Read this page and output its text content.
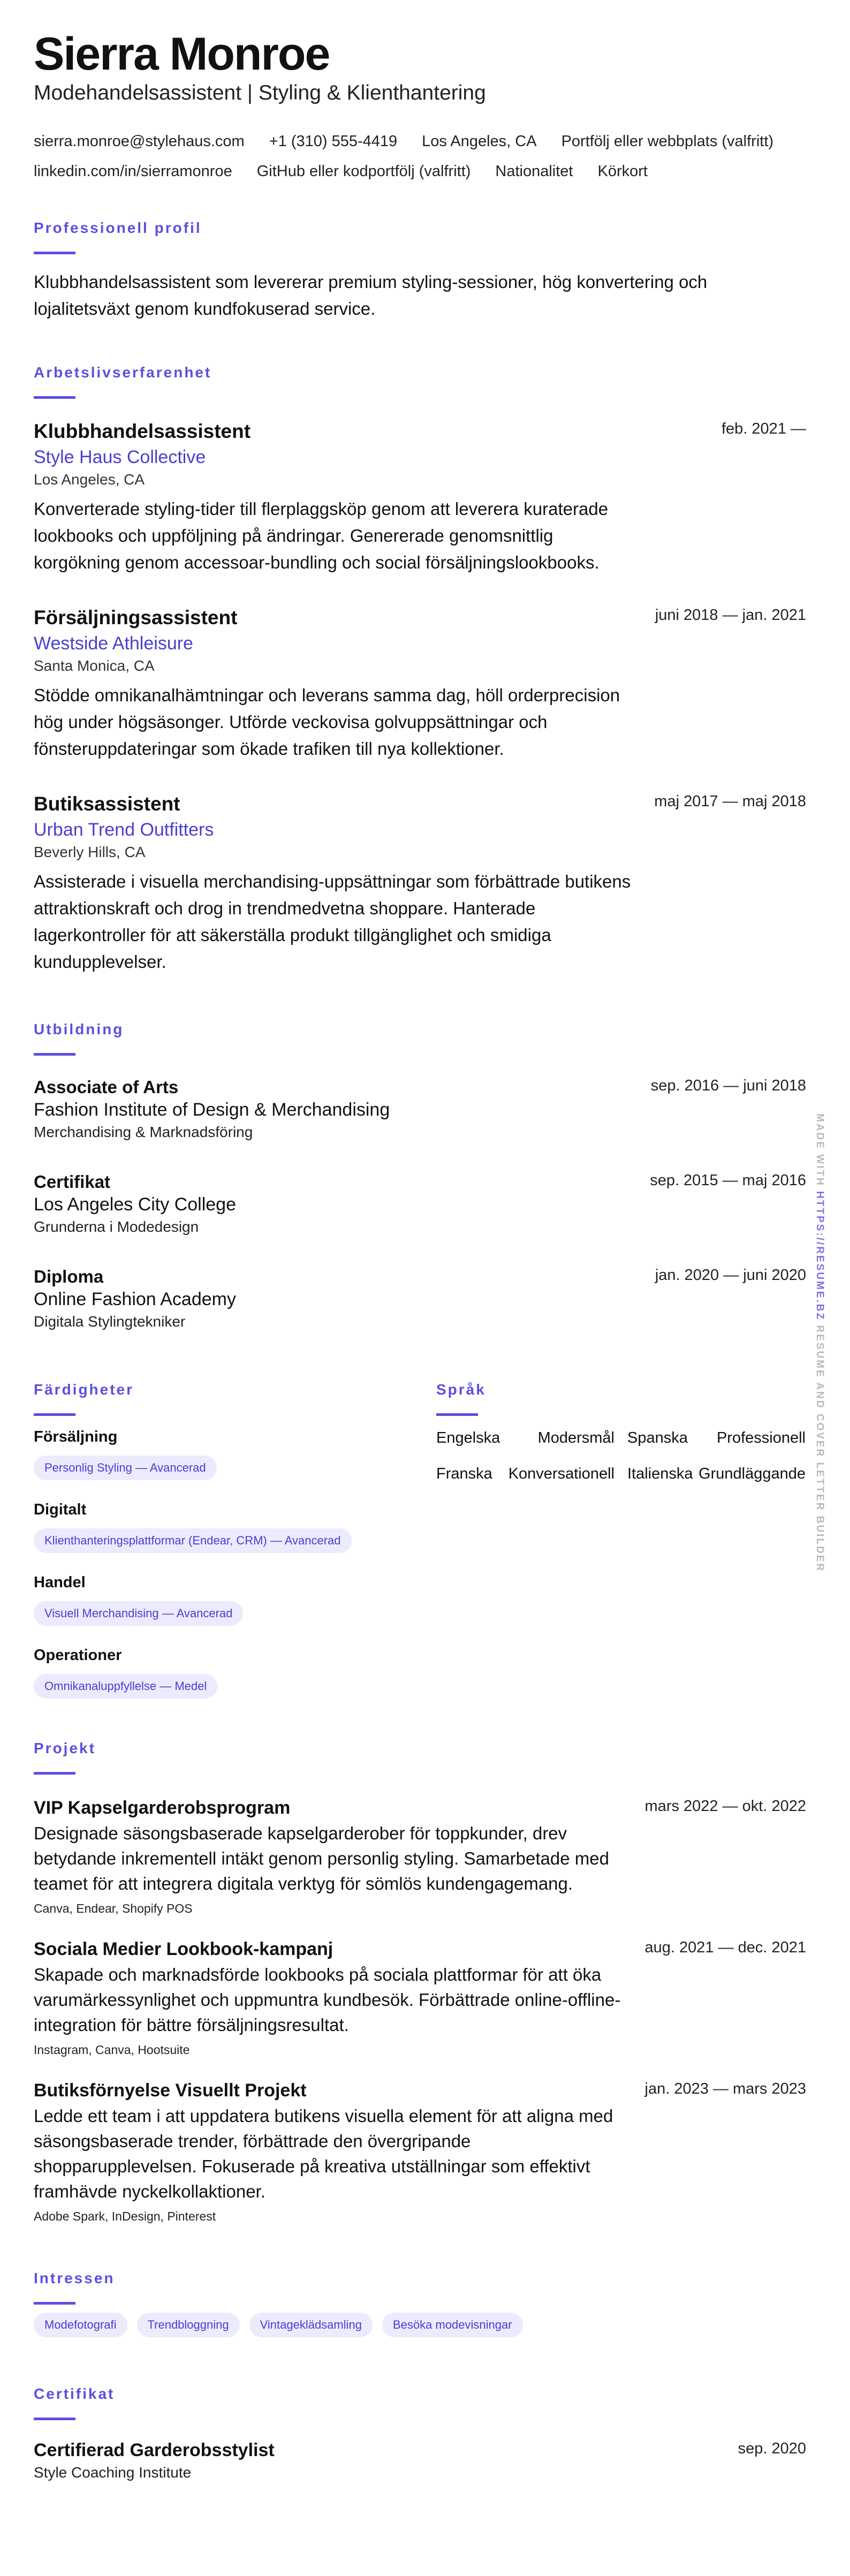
Sierra Monroe
Modehandelsassistent | Styling & Klienthantering
sierra.monroe@stylehaus.com +1 (310) 555-4419 Los Angeles, CA Portfölj eller webbplats (valfritt)
linkedin.com/in/sierramonroe GitHub eller kodportfölj (valfritt) Nationalitet Körkort
Professionell profil
Klubbhandelsassistent som levererar premium styling-sessioner, hög konvertering och lojalitetsväxt genom kundfokuserad service.
Arbetslivserfarenhet
feb. 2021 —
Klubbhandelsassistent
Style Haus Collective
Los Angeles, CA
Konverterade styling-tider till flerplaggsköp genom att leverera kuraterade lookbooks och uppföljning på ändringar. Genererade genomsnittlig korgökning genom accessoar-bundling och social försäljningslookbooks.
juni 2018 — jan. 2021
Försäljningsassistent
Westside Athleisure
Santa Monica, CA
Stödde omnikanalhämtningar och leverans samma dag, höll orderprecision hög under högsäsonger. Utförde veckovisa golvuppsättningar och fönsteruppdateringar som ökade trafiken till nya kollektioner.
maj 2017 — maj 2018
Butiksassistent
Urban Trend Outfitters
Beverly Hills, CA
Assisterade i visuella merchandising-uppsättningar som förbättrade butikens attraktionskraft och drog in trendmedvetna shoppare. Hanterade lagerkontroller för att säkerställa produkt tillgänglighet och smidiga kundupplevelser.
Utbildning
sep. 2016 — juni 2018
Associate of Arts
Fashion Institute of Design & Merchandising
Merchandising & Marknadsföring
sep. 2015 — maj 2016
Certifikat
Los Angeles City College
Grunderna i Modedesign
jan. 2020 — juni 2020
Diploma
Online Fashion Academy
Digitala Stylingtekniker
Färdigheter
Försäljning
Personlig Styling — Avancerad
Digitalt
Klienthanteringsplattformar (Endear, CRM) — Avancerad
Handel
Visuell Merchandising — Avancerad
Operationer
Omnikanaluppfyllelse — Medel
Språk
Engelska Modersmål Spanska Professionell
Franska Konversationell Italienska Grundläggande
Projekt
mars 2022 — okt. 2022
VIP Kapselgarderobsprogram
Designade säsongsbaserade kapselgarderober för toppkunder, drev betydande inkrementell intäkt genom personlig styling. Samarbetade med teamet för att integrera digitala verktyg för sömlös kundengagemang.
Canva, Endear, Shopify POS
aug. 2021 — dec. 2021
Sociala Medier Lookbook-kampanj
Skapade och marknadsförde lookbooks på sociala plattformar för att öka varumärkessynlighet och uppmuntra kundbesök. Förbättrade online-offline-integration för bättre försäljningsresultat.
Instagram, Canva, Hootsuite
jan. 2023 — mars 2023
Butiksförnyelse Visuellt Projekt
Ledde ett team i att uppdatera butikens visuella element för att aligna med säsongsbaserade trender, förbättrade den övergripande shopparupplevelsen. Fokuserade på kreativa utställningar som effektivt framhävde nyckelkollaktioner.
Adobe Spark, InDesign, Pinterest
Intressen
Modefotografi	Trendbloggning	Vintageklädsamling	Besöka modevisningar
Certifikat
sep. 2020
Certifierad Garderobsstylist
Style Coaching Institute
MADE WITH HTTPS://RESUME.BZ RESUME AND COVER LETTER BUILDER
